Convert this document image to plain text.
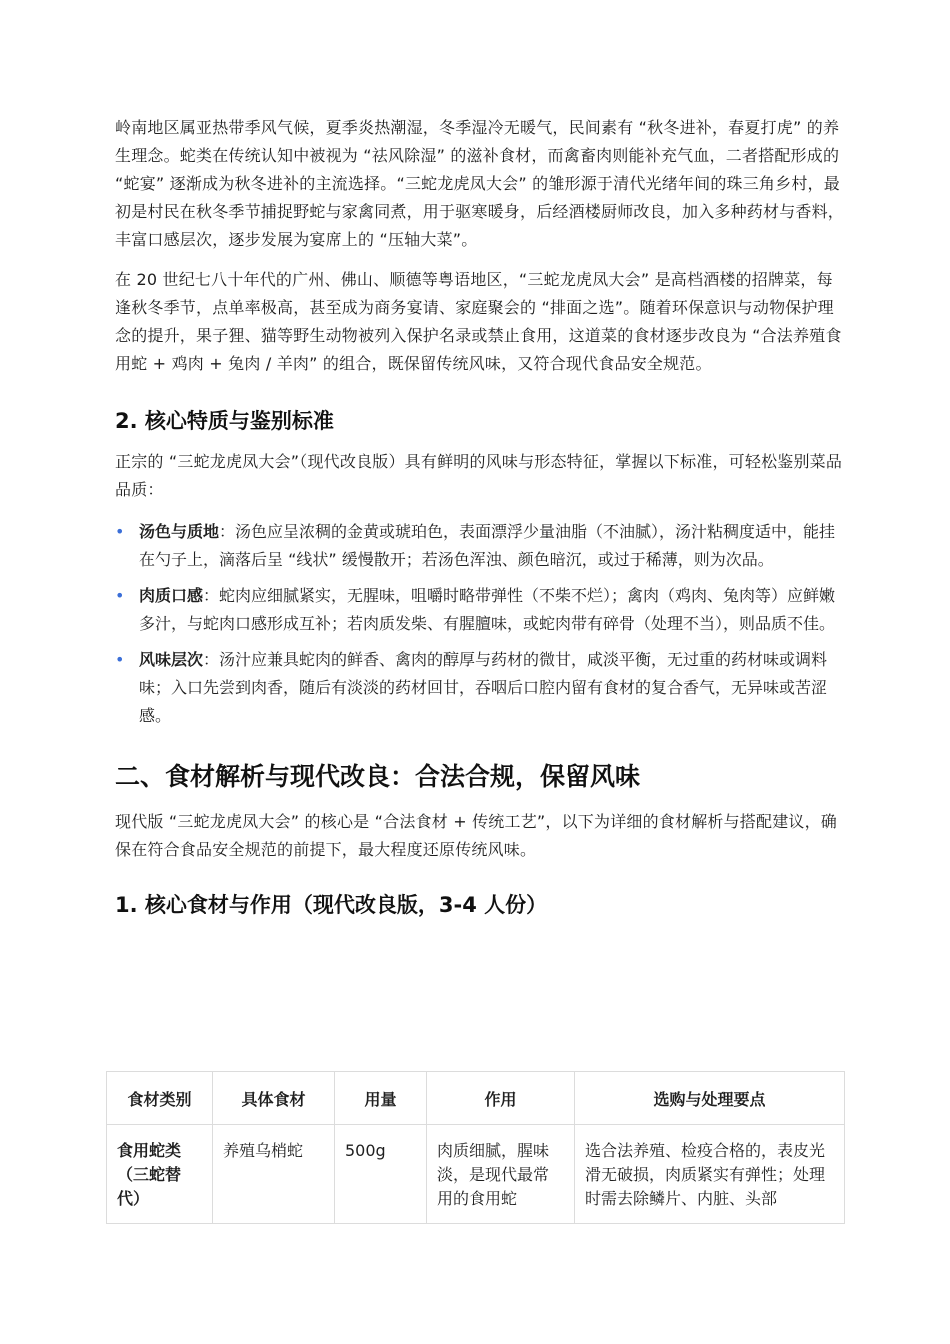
岭南地区属亚热带季风气候，夏季炎热潮湿，冬季湿冷无暖气，民间素有 “秋冬进补，春夏打虎” 的养生理念。蛇类在传统认知中被视为 “祛风除湿” 的滋补食材，而禽畜肉则能补充气血，二者搭配形成的 “蛇宴” 逐渐成为秋冬进补的主流选择。“三蛇龙虎凤大会” 的雏形源于清代光绪年间的珠三角乡村，最初是村民在秋冬季节捕捉野蛇与家禽同煮，用于驱寒暖身，后经酒楼厨师改良，加入多种药材与香料，丰富口感层次，逐步发展为宴席上的 “压轴大菜”。

在 20 世纪七八十年代的广州、佛山、顺德等粤语地区，“三蛇龙虎凤大会” 是高档酒楼的招牌菜，每逢秋冬季节，点单率极高，甚至成为商务宴请、家庭聚会的 “排面之选”。随着环保意识与动物保护理念的提升，果子狸、猫等野生动物被列入保护名录或禁止食用，这道菜的食材逐步改良为 “合法养殖食用蛇 + 鸡肉 + 兔肉 / 羊肉” 的组合，既保留传统风味，又符合现代食品安全规范。

2. 核心特质与鉴别标准

正宗的 “三蛇龙虎凤大会”（现代改良版）具有鲜明的风味与形态特征，掌握以下标准，可轻松鉴别菜品品质：

• 汤色与质地：汤色应呈浓稠的金黄或琥珀色，表面漂浮少量油脂（不油腻），汤汁粘稠度适中，能挂在勺子上，滴落后呈 “线状” 缓慢散开；若汤色浑浊、颜色暗沉，或过于稀薄，则为次品。
• 肉质口感：蛇肉应细腻紧实，无腥味，咀嚼时略带弹性（不柴不烂）；禽肉（鸡肉、兔肉等）应鲜嫩多汁，与蛇肉口感形成互补；若肉质发柴、有腥膻味，或蛇肉带有碎骨（处理不当），则品质不佳。
• 风味层次：汤汁应兼具蛇肉的鲜香、禽肉的醇厚与药材的微甘，咸淡平衡，无过重的药材味或调料味；入口先尝到肉香，随后有淡淡的药材回甘，吞咽后口腔内留有食材的复合香气，无异味或苦涩感。
二、食材解析与现代改良：合法合规，保留风味

现代版 “三蛇龙虎凤大会” 的核心是 “合法食材 + 传统工艺”，以下为详细的食材解析与搭配建议，确保在符合食品安全规范的前提下，最大程度还原传统风味。

1. 核心食材与作用（现代改良版，3-4 人份）
食材类别	具体食材	用量	作用	选购与处理要点
食用蛇类（三蛇替代）	养殖乌梢蛇	500g	肉质细腻，腥味淡，是现代最常用的食用蛇	选合法养殖、检疫合格的，表皮光滑无破损，肉质紧实有弹性；处理时需去除鳞片、内脏、头部
